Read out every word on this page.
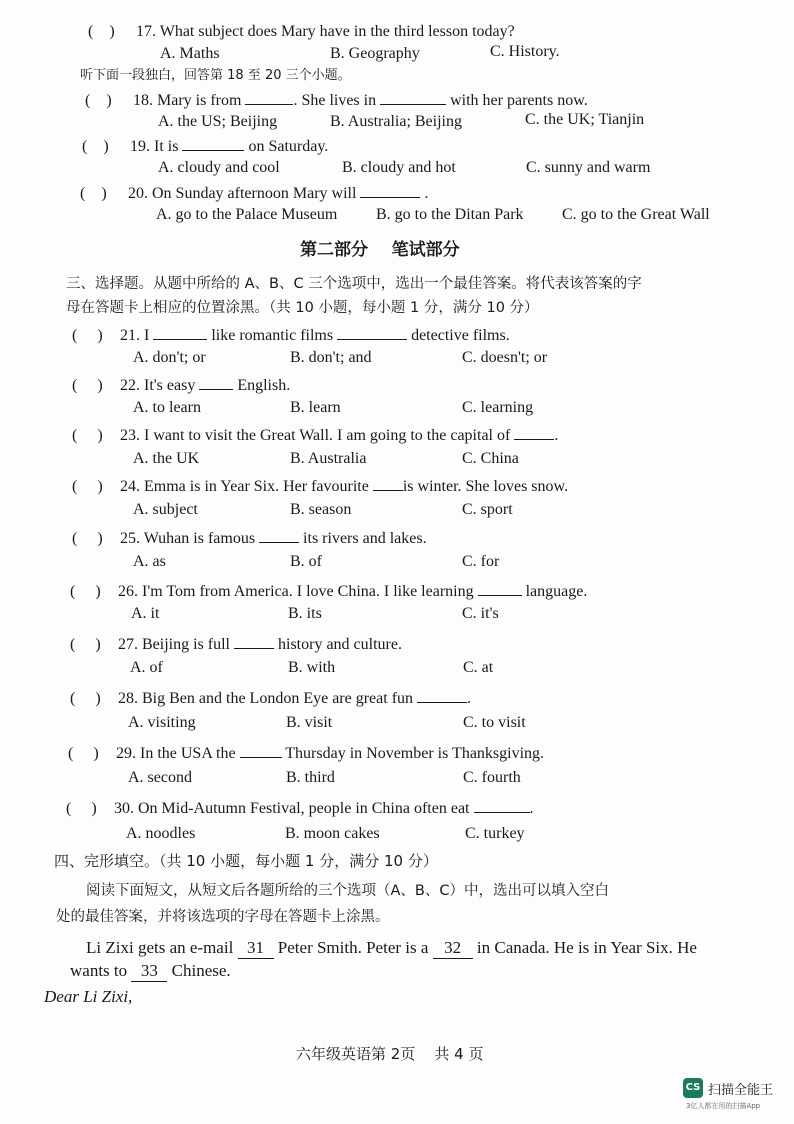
( ) 17. What subject does Mary have in the third lesson today?
A. Maths	B. Geography	C. History.
听下面一段独白，回答第 18 至 20 三个小题。
( ) 18. Mary is from	. She lives in	with her parents now.
A. the US; Beijing	B. Australia; Beijing	C. the UK; Tianjin
( ) 19. It is	on Saturday.
A. cloudy and cool	B. cloudy and hot	C. sunny and warm
( ) 20. On Sunday afternoon Mary will	.
A. go to the Palace Museum B. go to the Ditan Park C. go to the Great Wall
第二部分    笔试部分
三、选择题。从题中所给的 A、B、C 三个选项中，选出一个最佳答案。将代表该答案的字
母在答题卡上相应的位置涂黑。（共 10 小题，每小题 1 分，满分 10 分）
( ) 21. I	like romantic films	detective films.
A. don't; or	B. don't; and	C. doesn't; or
( ) 22. It's easy	English.
A. to learn	B. learn	C. learning
( ) 23. I want to visit the Great Wall. I am going to the capital of	.
A. the UK	B. Australia	C. China
( ) 24. Emma is in Year Six. Her favourite is winter. She loves snow.
A. subject	B. season	C. sport
( ) 25. Wuhan is famous	its rivers and lakes.
A. as	B. of	C. for
( ) 26. I'm Tom from America. I love China. I like learning	language.
A. it	B. its	C. it's
( ) 27. Beijing is full	history and culture.
A. of	B. with	C. at
( ) 28. Big Ben and the London Eye are great fun	.
A. visiting	B. visit	C. to visit
( ) 29. In the USA the	Thursday in November is Thanksgiving.
A. second	B. third	C. fourth
( ) 30. On Mid-Autumn Festival, people in China often eat	.
A. noodles	B. moon cakes	C. turkey
四、完形填空。（共 10 小题，每小题 1 分，满分 10 分）
阅读下面短文，从短文后各题所给的三个选项（A、B、C）中，选出可以填入空白
处的最佳答案，并将该选项的字母在答题卡上涂黑。
Li Zixi gets an e-mail 31 Peter Smith. Peter is a 32 in Canada. He is in Year Six. He
wants to 33 Chinese.
Dear Li Zixi,
六年级英语第 2页    共 4 页
CS 扫描全能王
3亿人都在用的扫描App
